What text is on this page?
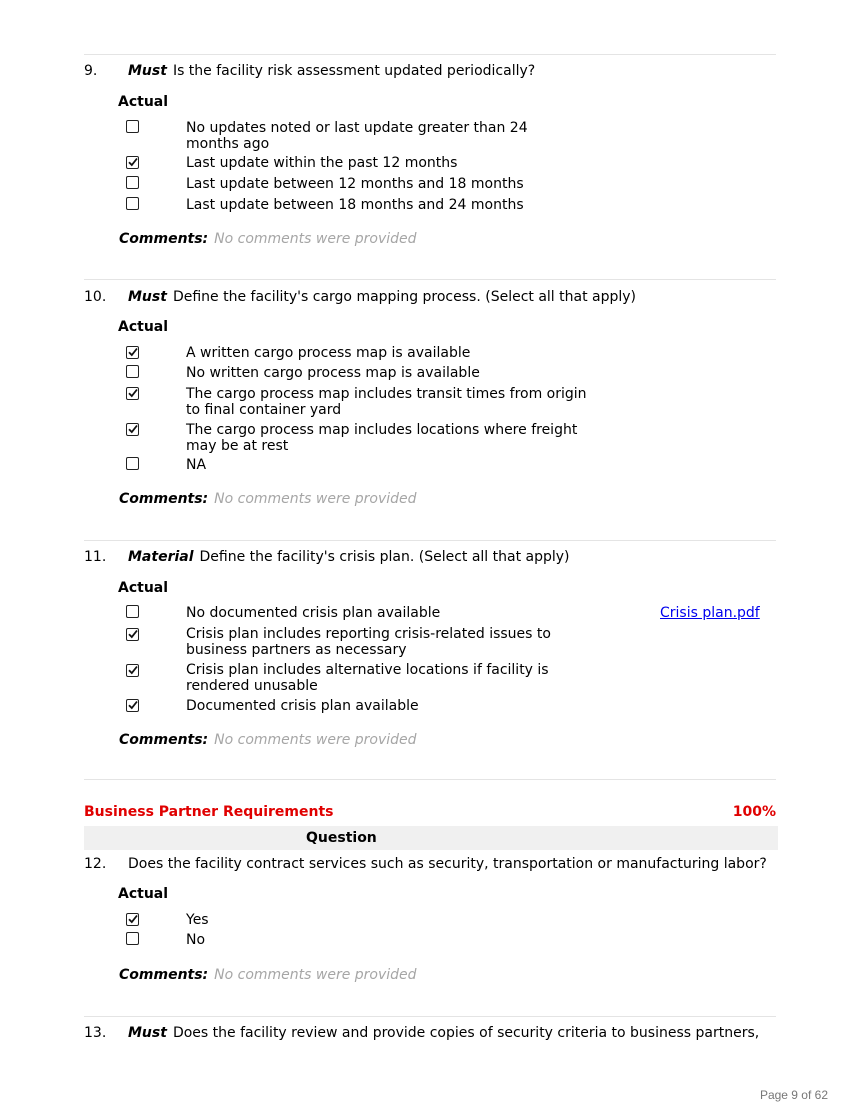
9. Must Is the facility risk assessment updated periodically?
Actual
No updates noted or last update greater than 24
months ago
Last update within the past 12 months
Last update between 12 months and 18 months
Last update between 18 months and 24 months
Comments: No comments were provided
10. Must Define the facility's cargo mapping process. (Select all that apply)
Actual
A written cargo process map is available
No written cargo process map is available
The cargo process map includes transit times from origin
to final container yard
The cargo process map includes locations where freight
may be at rest
NA
Comments: No comments were provided
11. Material Define the facility's crisis plan. (Select all that apply)
Actual
Crisis plan.pdf
No documented crisis plan available
Crisis plan includes reporting crisis-related issues to
business partners as necessary
Crisis plan includes alternative locations if facility is
rendered unusable
Documented crisis plan available
Comments: No comments were provided
Business Partner Requirements	100%
Question
12. Does the facility contract services such as security, transportation or manufacturing labor?
Actual
Yes
No
Comments: No comments were provided
13. Must Does the facility review and provide copies of security criteria to business partners,
Page 9 of 62
